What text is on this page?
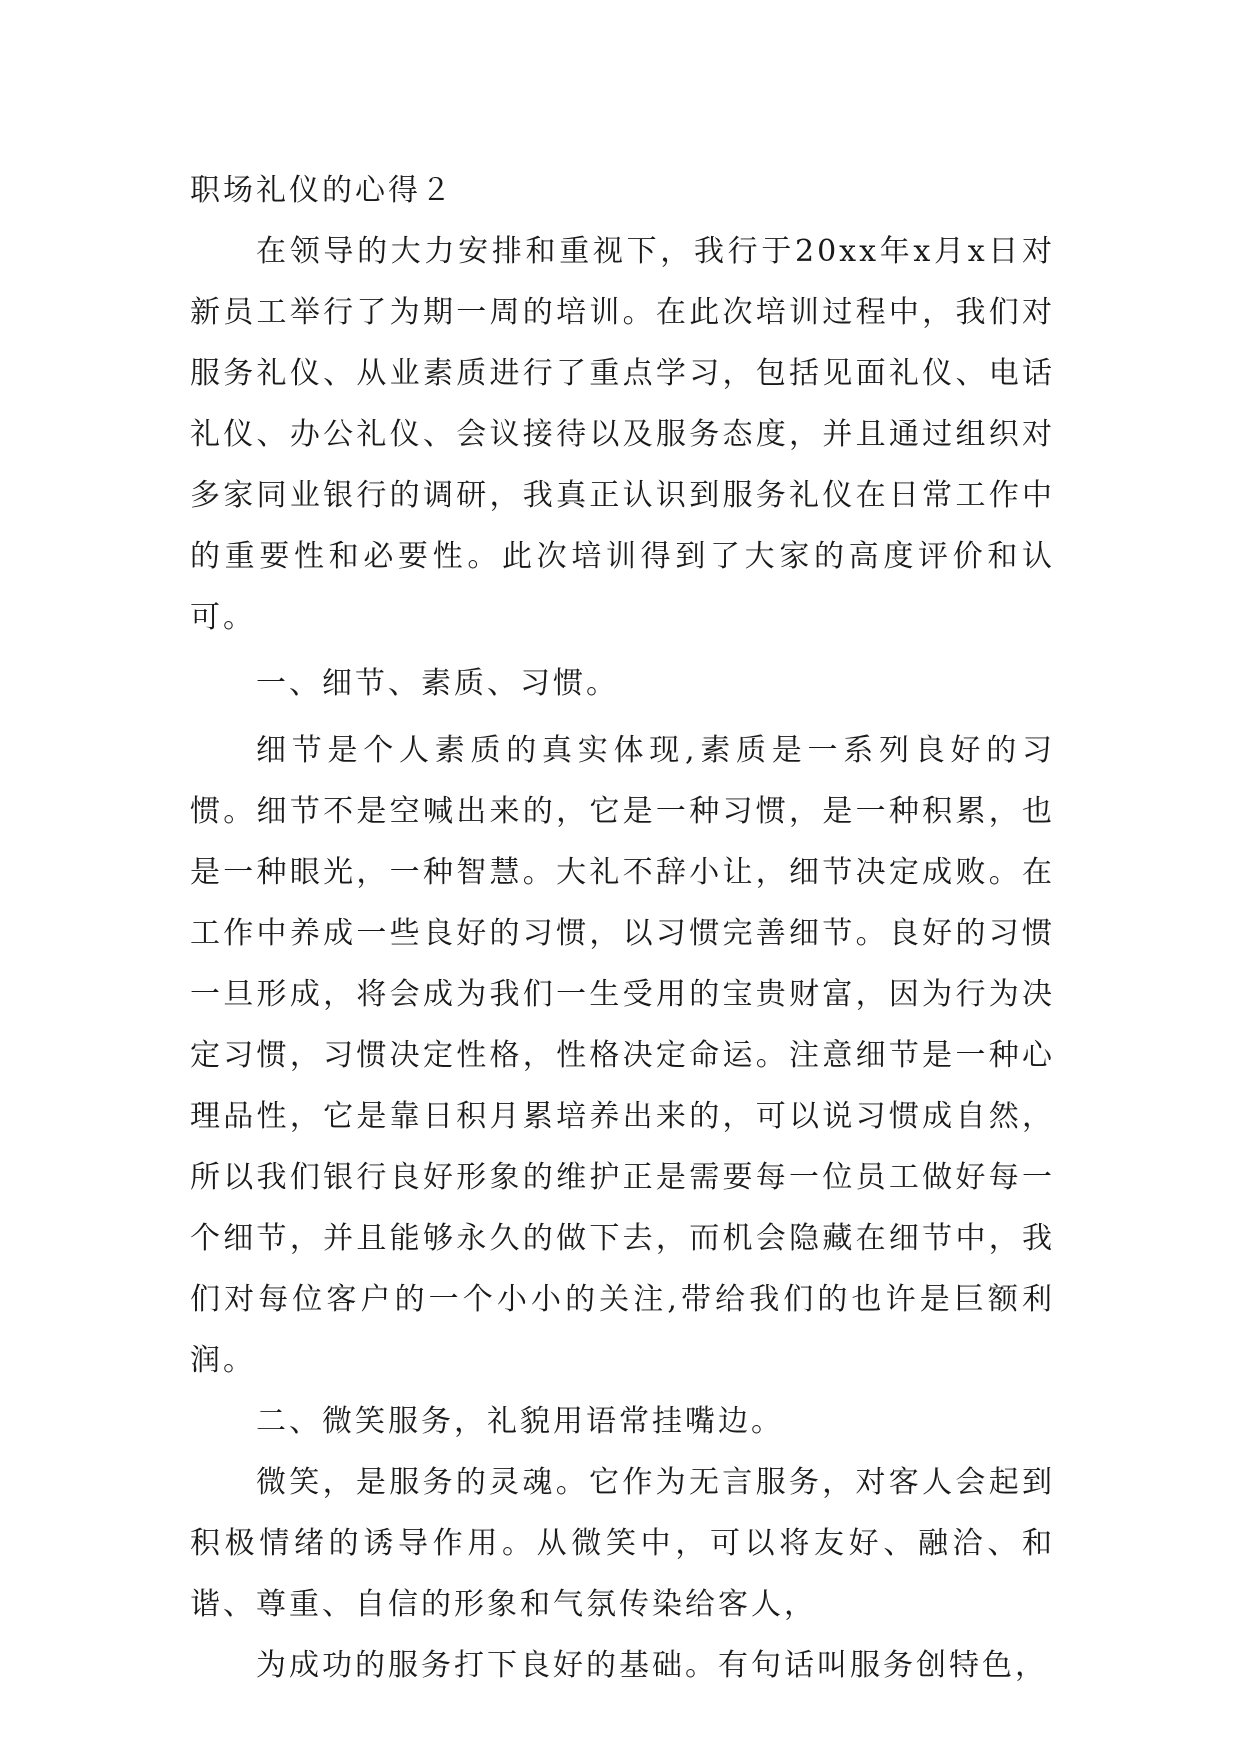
职场礼仪的心得２

在领导的大力安排和重视下，我行于20xx年x月x日对新员工举行了为期一周的培训。在此次培训过程中，我们对服务礼仪、从业素质进行了重点学习，包括见面礼仪、电话礼仪、办公礼仪、会议接待以及服务态度，并且通过组织对多家同业银行的调研，我真正认识到服务礼仪在日常工作中的重要性和必要性。此次培训得到了大家的高度评价和认可。

一、细节、素质、习惯。

细节是个人素质的真实体现,素质是一系列良好的习惯。细节不是空喊出来的，它是一种习惯，是一种积累，也是一种眼光，一种智慧。大礼不辞小让，细节决定成败。在工作中养成一些良好的习惯，以习惯完善细节。良好的习惯一旦形成，将会成为我们一生受用的宝贵财富，因为行为决定习惯，习惯决定性格，性格决定命运。注意细节是一种心理品性，它是靠日积月累培养出来的，可以说习惯成自然，所以我们银行良好形象的维护正是需要每一位员工做好每一个细节，并且能够永久的做下去，而机会隐藏在细节中，我们对每位客户的一个小小的关注,带给我们的也许是巨额利润。

二、微笑服务，礼貌用语常挂嘴边。

微笑，是服务的灵魂。它作为无言服务，对客人会起到积极情绪的诱导作用。从微笑中，可以将友好、融洽、和谐、尊重、自信的形象和气氛传染给客人，

为成功的服务打下良好的基础。有句话叫服务创特色，
